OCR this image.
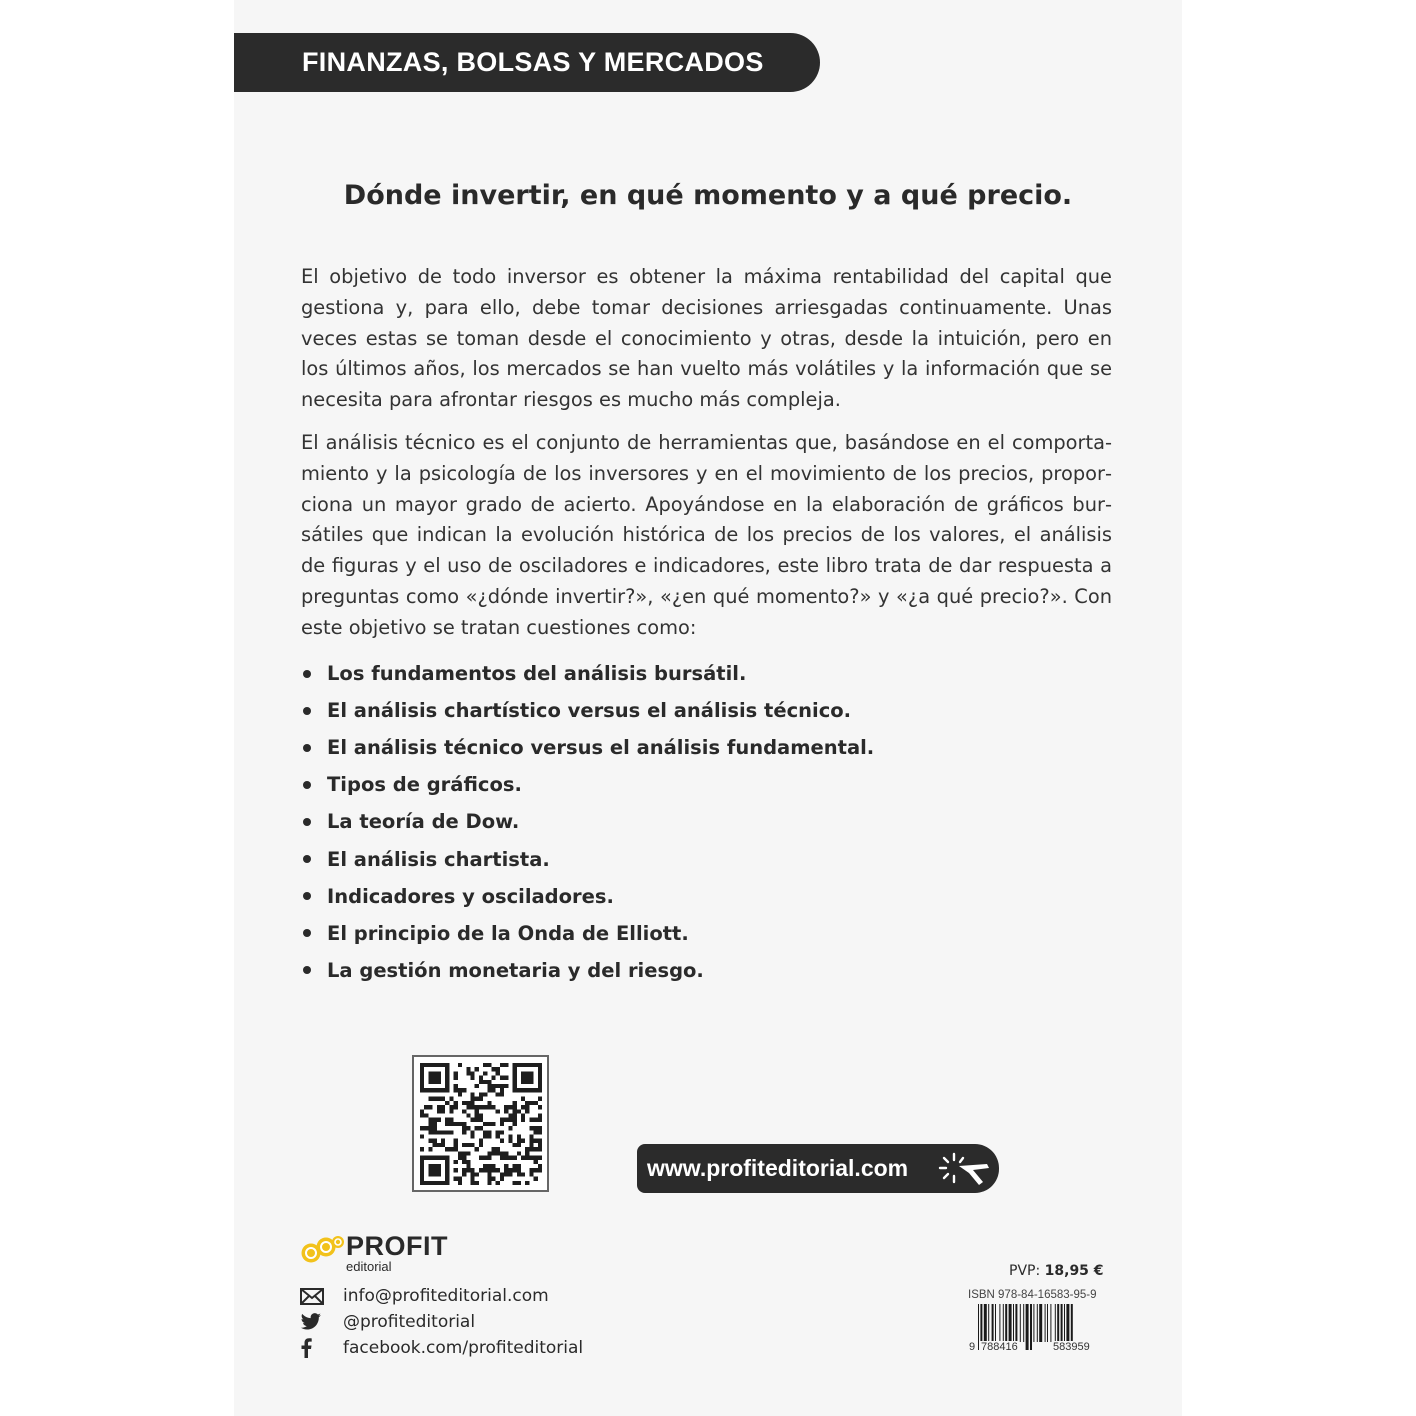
FINANZAS, BOLSAS Y MERCADOS
Dónde invertir, en qué momento y a qué precio.

El objetivo de todo inversor es obtener la máxima rentabilidad del capital que gestiona y, para ello, debe tomar decisiones arriesgadas continuamente. Unas veces estas se toman desde el conocimiento y otras, desde la intuición, pero en los últimos años, los mercados se han vuelto más volátiles y la información que se necesita para afrontar riesgos es mucho más compleja.

El análisis técnico es el conjunto de herramientas que, basándose en el comportamiento y la psicología de los inversores y en el movimiento de los precios, proporciona un mayor grado de acierto. Apoyándose en la elaboración de gráficos bursátiles que indican la evolución histórica de los precios de los valores, el análisis de figuras y el uso de osciladores e indicadores, este libro trata de dar respuesta a preguntas como «¿dónde invertir?», «¿en qué momento?» y «¿a qué precio?». Con este objetivo se tratan cuestiones como:

Los fundamentos del análisis bursátil.
El análisis chartístico versus el análisis técnico.
El análisis técnico versus el análisis fundamental.
Tipos de gráficos.
La teoría de Dow.
El análisis chartista.
Indicadores y osciladores.
El principio de la Onda de Elliott.
La gestión monetaria y del riesgo.
www.profiteditorial.com
PROFIT
editorial
info@profiteditorial.com
@profiteditorial
facebook.com/profiteditorial
PVP: 18,95 €
ISBN 978-84-16583-95-9
9 788416	583959
